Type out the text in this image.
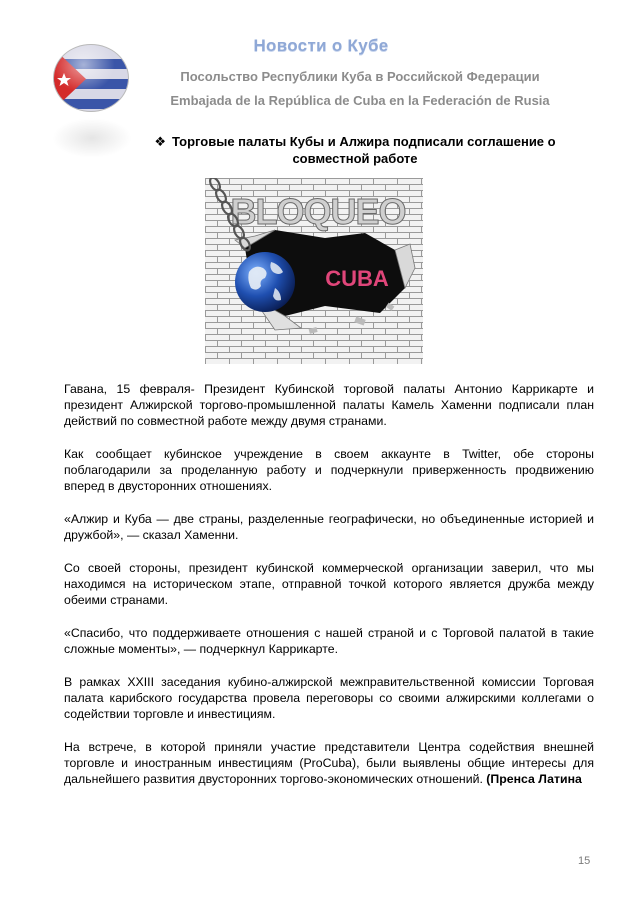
Новости о Кубе
Посольство Республики Куба в Российской Федерации
Embajada de la República de Cuba en la Federación de Rusia
❖ Торговые палаты Кубы и Алжира подписали соглашение о совместной работе
CUBA
BLOQUEO

Гавана, 15 февраля- Президент Кубинской торговой палаты Антонио Каррикарте и президент Алжирской торгово-промышленной палаты Камель Хаменни подписали план действий по совместной работе между двумя странами.

Как сообщает кубинское учреждение в своем аккаунте в Twitter, обе стороны поблагодарили за проделанную работу и подчеркнули приверженность продвижению вперед в двусторонних отношениях.

«Алжир и Куба — две страны, разделенные географически, но объединенные историей и дружбой», — сказал Хаменни.

Со своей стороны, президент кубинской коммерческой организации заверил, что мы находимся на историческом этапе, отправной точкой которого является дружба между обеими странами.

«Спасибо, что поддерживаете отношения с нашей страной и с Торговой палатой в такие сложные моменты», — подчеркнул Каррикарте.

В рамках XXIII заседания кубино-алжирской межправительственной комиссии Торговая палата карибского государства провела переговоры со своими алжирскими коллегами о содействии торговле и инвестициям.

На встрече, в которой приняли участие представители Центра содействия внешней торговле и иностранным инвестициям (ProCuba), были выявлены общие интересы для дальнейшего развития двусторонних торгово-экономических отношений. (Пренса Латина

15
